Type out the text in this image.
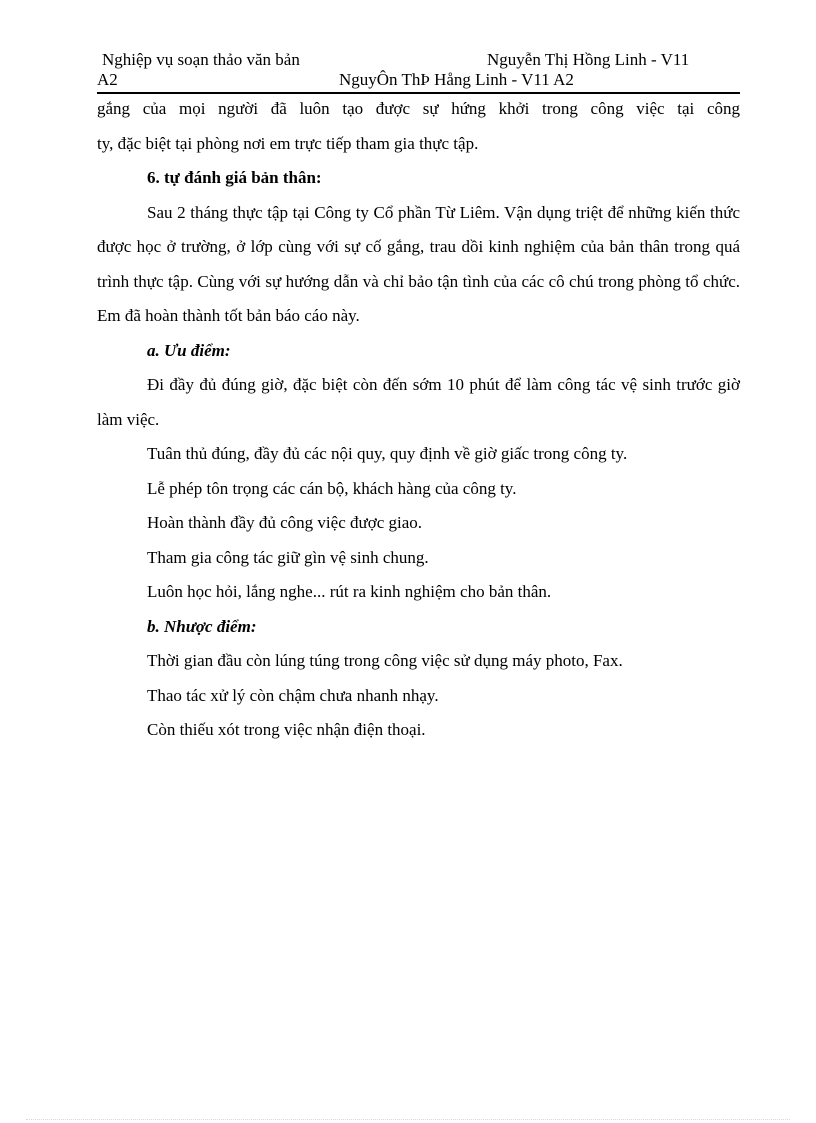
Nghiệp vụ soạn thảo văn bản	Nguyễn Thị Hồng Linh - V11
A2	NguyÔn ThÞ Hång Linh - V11 A2

gắng của mọi người đã luôn tạo được sự hứng khởi trong công việc tại công

ty, đặc biệt tại phòng nơi em trực tiếp tham gia thực tập.

6. tự đánh giá bản thân:

Sau 2 tháng thực tập tại Công ty Cổ phần Từ Liêm. Vận dụng triệt để những kiến thức được học ở trường, ở lớp cùng với sự cố gắng, trau dồi kinh nghiệm của bản thân trong quá trình thực tập. Cùng với sự hướng dẫn và chỉ bảo tận tình của các cô chú trong phòng tổ chức. Em đã hoàn thành tốt bản báo cáo này.

a. Ưu điểm:

Đi đầy đủ đúng giờ, đặc biệt còn đến sớm 10 phút để làm công tác vệ sinh trước giờ làm việc.

Tuân thủ đúng, đầy đủ các nội quy, quy định về giờ giấc trong công ty.

Lễ phép tôn trọng các cán bộ, khách hàng của công ty.

Hoàn thành đầy đủ công việc được giao.

Tham gia công tác giữ gìn vệ sinh chung.

Luôn học hỏi, lắng nghe... rút ra kinh nghiệm cho bản thân.

b. Nhược điểm:

Thời gian đầu còn lúng túng trong công việc sử dụng máy photo, Fax.

Thao tác xử lý còn chậm chưa nhanh nhạy.

Còn thiếu xót trong việc nhận điện thoại.
